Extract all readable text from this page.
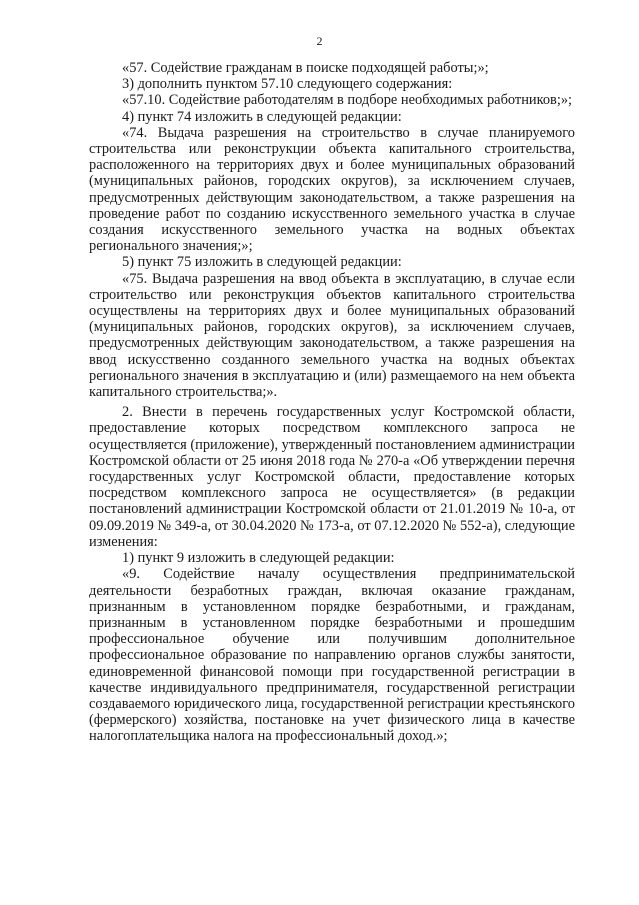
2

«57. Содействие гражданам в поиске подходящей работы;»;

3) дополнить пунктом 57.10 следующего содержания:

«57.10. Содействие работодателям в подборе необходимых работников;»;

4) пункт 74 изложить в следующей редакции:

«74. Выдача разрешения на строительство в случае планируемого строительства или реконструкции объекта капитального строительства, расположенного на территориях двух и более муниципальных образований (муниципальных районов, городских округов), за исключением случаев, предусмотренных действующим законодательством, а также разрешения на проведение работ по созданию искусственного земельного участка в случае создания искусственного земельного участка на водных объектах регионального значения;»;

5) пункт 75 изложить в следующей редакции:

«75. Выдача разрешения на ввод объекта в эксплуатацию, в случае если строительство или реконструкция объектов капитального строительства осуществлены на территориях двух и более муниципальных образований (муниципальных районов, городских округов), за исключением случаев, предусмотренных действующим законодательством, а также разрешения на ввод искусственно созданного земельного участка на водных объектах регионального значения в эксплуатацию и (или) размещаемого на нем объекта капитального строительства;».

2. Внести в перечень государственных услуг Костромской области, предоставление которых посредством комплексного запроса не осуществляется (приложение), утвержденный постановлением администрации Костромской области от 25 июня 2018 года № 270-а «Об утверждении перечня государственных услуг Костромской области, предоставление которых посредством комплексного запроса не осуществляется» (в редакции постановлений администрации Костромской области от 21.01.2019 № 10-а, от 09.09.2019 № 349-а, от 30.04.2020 № 173-а, от 07.12.2020 № 552-а), следующие изменения:

1) пункт 9 изложить в следующей редакции:

«9. Содействие началу осуществления предпринимательской деятельности безработных граждан, включая оказание гражданам, признанным в установленном порядке безработными, и гражданам, признанным в установленном порядке безработными и прошедшим профессиональное обучение или получившим дополнительное профессиональное образование по направлению органов службы занятости, единовременной финансовой помощи при государственной регистрации в качестве индивидуального предпринимателя, государственной регистрации создаваемого юридического лица, государственной регистрации крестьянского (фермерского) хозяйства, постановке на учет физического лица в качестве налогоплательщика налога на профессиональный доход.»;
